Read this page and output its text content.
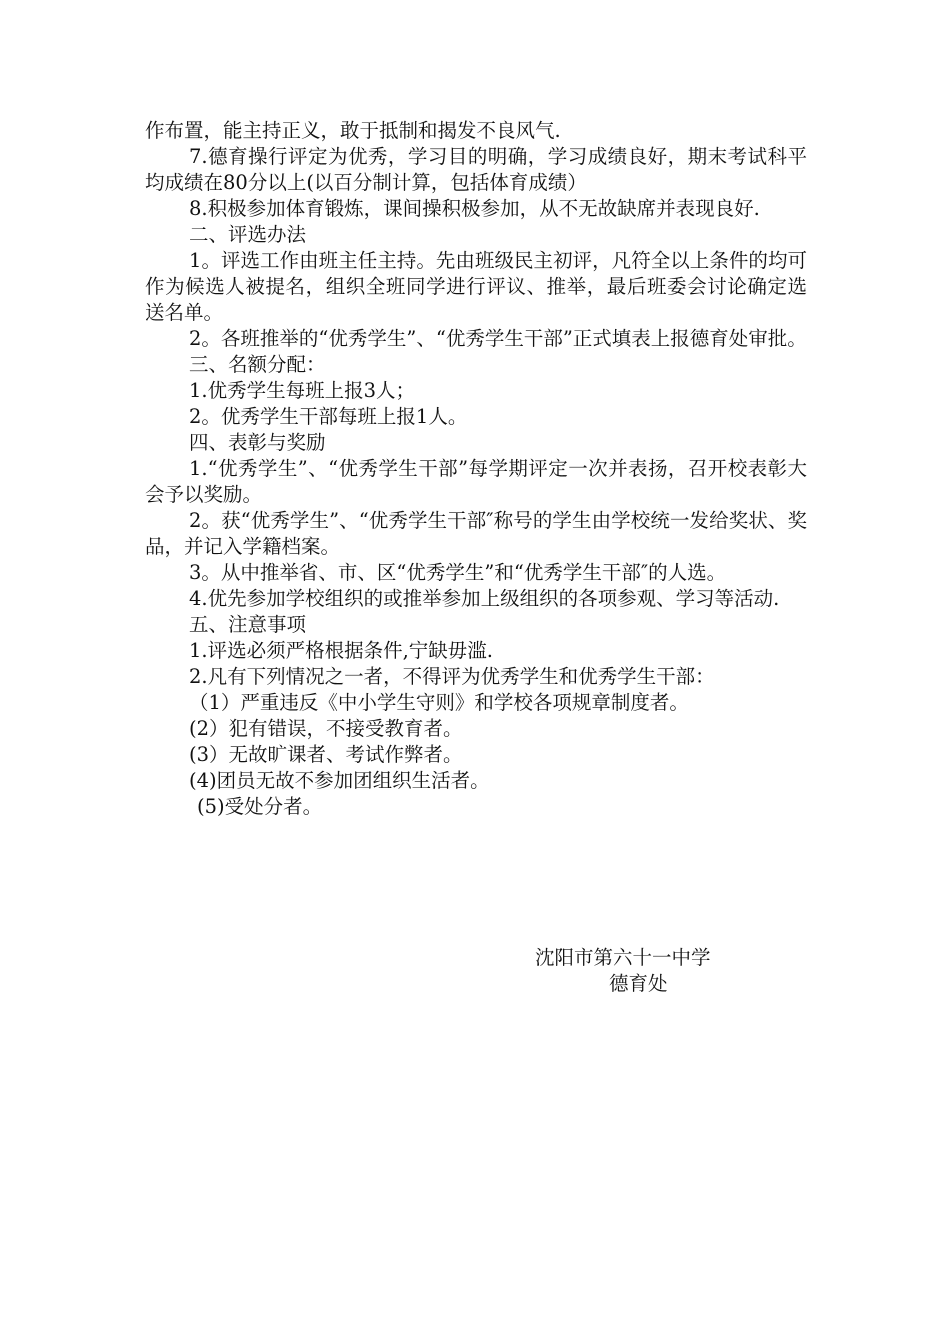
作布置，能主持正义，敢于抵制和揭发不良风气.

7.德育操行评定为优秀，学习目的明确，学习成绩良好，期末考试科平均成绩在80分以上(以百分制计算，包括体育成绩）

8.积极参加体育锻炼，课间操积极参加，从不无故缺席并表现良好.

二、评选办法

1。评选工作由班主任主持。先由班级民主初评，凡符全以上条件的均可作为候选人被提名，组织全班同学进行评议、推举，最后班委会讨论确定选送名单。

2。各班推举的“优秀学生”、“优秀学生干部”正式填表上报德育处审批。

三、名额分配：

1.优秀学生每班上报3人；

2。优秀学生干部每班上报1人。

四、表彰与奖励

1.“优秀学生”、“优秀学生干部”每学期评定一次并表扬，召开校表彰大会予以奖励。

2。获“优秀学生”、“优秀学生干部″称号的学生由学校统一发给奖状、奖品，并记入学籍档案。

3。从中推举省、市、区“优秀学生”和“优秀学生干部″的人选。

4.优先参加学校组织的或推举参加上级组织的各项参观、学习等活动.

五、注意事项

1.评选必须严格根据条件,宁缺毋滥.

2.凡有下列情况之一者，不得评为优秀学生和优秀学生干部：

（1）严重违反《中小学生守则》和学校各项规章制度者。

(2）犯有错误，不接受教育者。

(3）无故旷课者、考试作弊者。

(4)团员无故不参加团组织生活者。

(5)受处分者。

沈阳市第六十一中学
德育处
